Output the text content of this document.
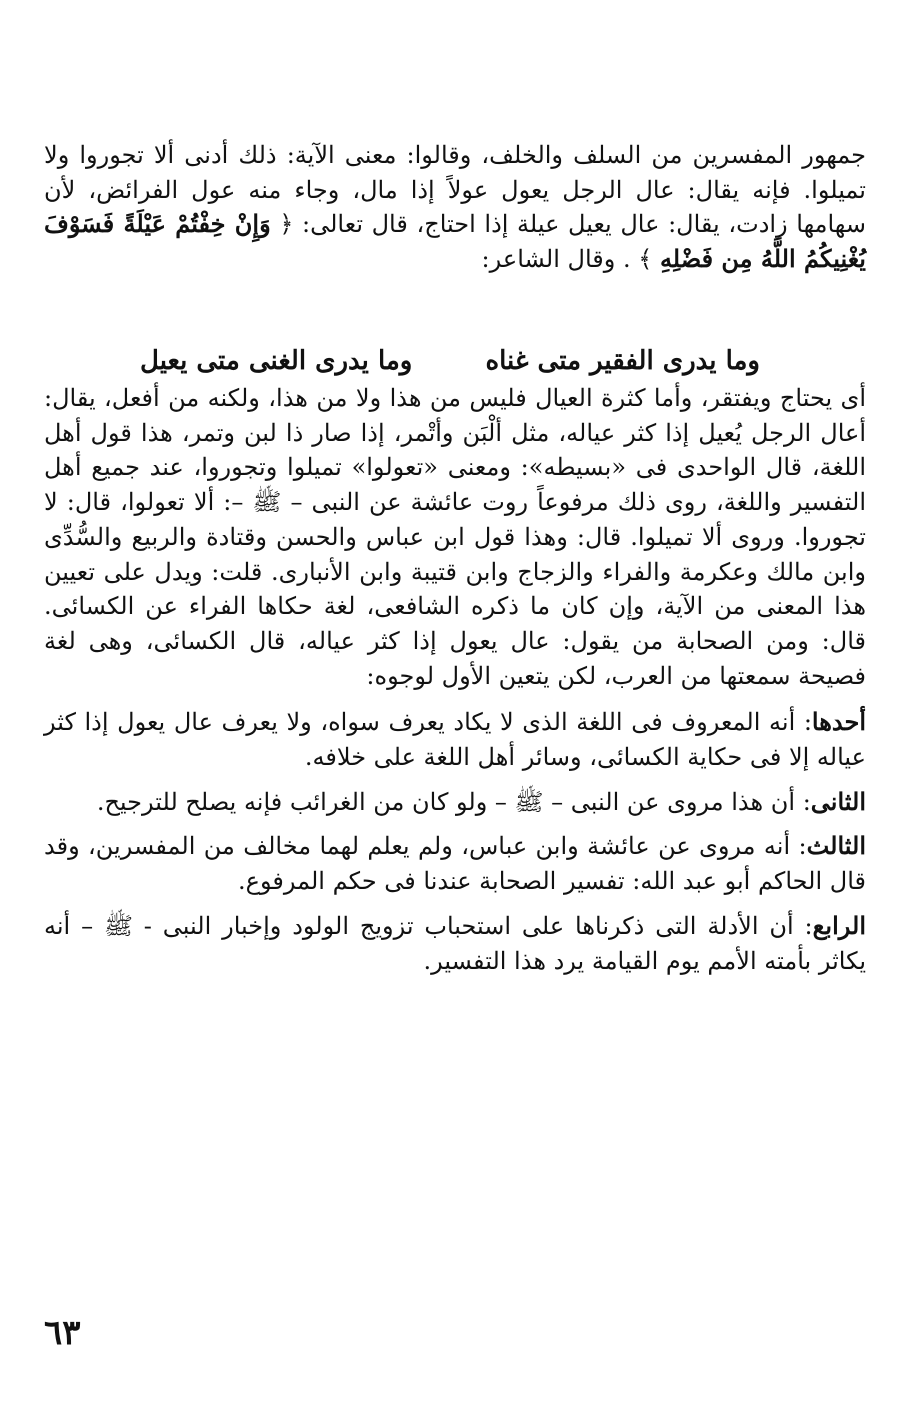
جمهور المفسرين من السلف والخلف، وقالوا: معنى الآية: ذلك أدنى ألا تجوروا ولا تميلوا. فإنه يقال: عال الرجل يعول عولاً إذا مال، وجاء منه عول الفرائض، لأن سهامها زادت، يقال: عال يعيل عيلة إذا احتاج، قال تعالى: ﴿ وَإِنْ خِفْتُمْ عَيْلَةً فَسَوْفَ يُغْنِيكُمُ اللَّهُ مِن فَضْلِهِ ﴾ . وقال الشاعر:

أى يحتاج ويفتقر، وأما كثرة العيال فليس من هذا ولا من هذا، ولكنه من أفعل، يقال: أعال الرجل يُعيل إذا كثر عياله، مثل ألْبَن وأتْمر، إذا صار ذا لبن وتمر، هذا قول أهل اللغة، قال الواحدى فى «بسيطه»: ومعنى «تعولوا» تميلوا وتجوروا، عند جميع أهل التفسير واللغة، روى ذلك مرفوعاً روت عائشة عن النبى – ﷺ –: ألا تعولوا، قال: لا تجوروا. وروى ألا تميلوا. قال: وهذا قول ابن عباس والحسن وقتادة والربيع والسُّدِّى وابن مالك وعكرمة والفراء والزجاج وابن قتيبة وابن الأنبارى. قلت: ويدل على تعيين هذا المعنى من الآية، وإن كان ما ذكره الشافعى، لغة حكاها الفراء عن الكسائى. قال: ومن الصحابة من يقول: عال يعول إذا كثر عياله، قال الكسائى، وهى لغة فصيحة سمعتها من العرب، لكن يتعين الأول لوجوه:

أحدها: أنه المعروف فى اللغة الذى لا يكاد يعرف سواه، ولا يعرف عال يعول إذا كثر عياله إلا فى حكاية الكسائى، وسائر أهل اللغة على خلافه.

الثانى: أن هذا مروى عن النبى – ﷺ – ولو كان من الغرائب فإنه يصلح للترجيح.

الثالث: أنه مروى عن عائشة وابن عباس، ولم يعلم لهما مخالف من المفسرين، وقد قال الحاكم أبو عبد الله: تفسير الصحابة عندنا فى حكم المرفوع.

الرابع: أن الأدلة التى ذكرناها على استحباب تزويج الولود وإخبار النبى - ﷺ – أنه يكاثر بأمته الأمم يوم القيامة يرد هذا التفسير.

وما يدرى الفقير متى غناه
وما يدرى الغنى متى يعيل
٦٣
